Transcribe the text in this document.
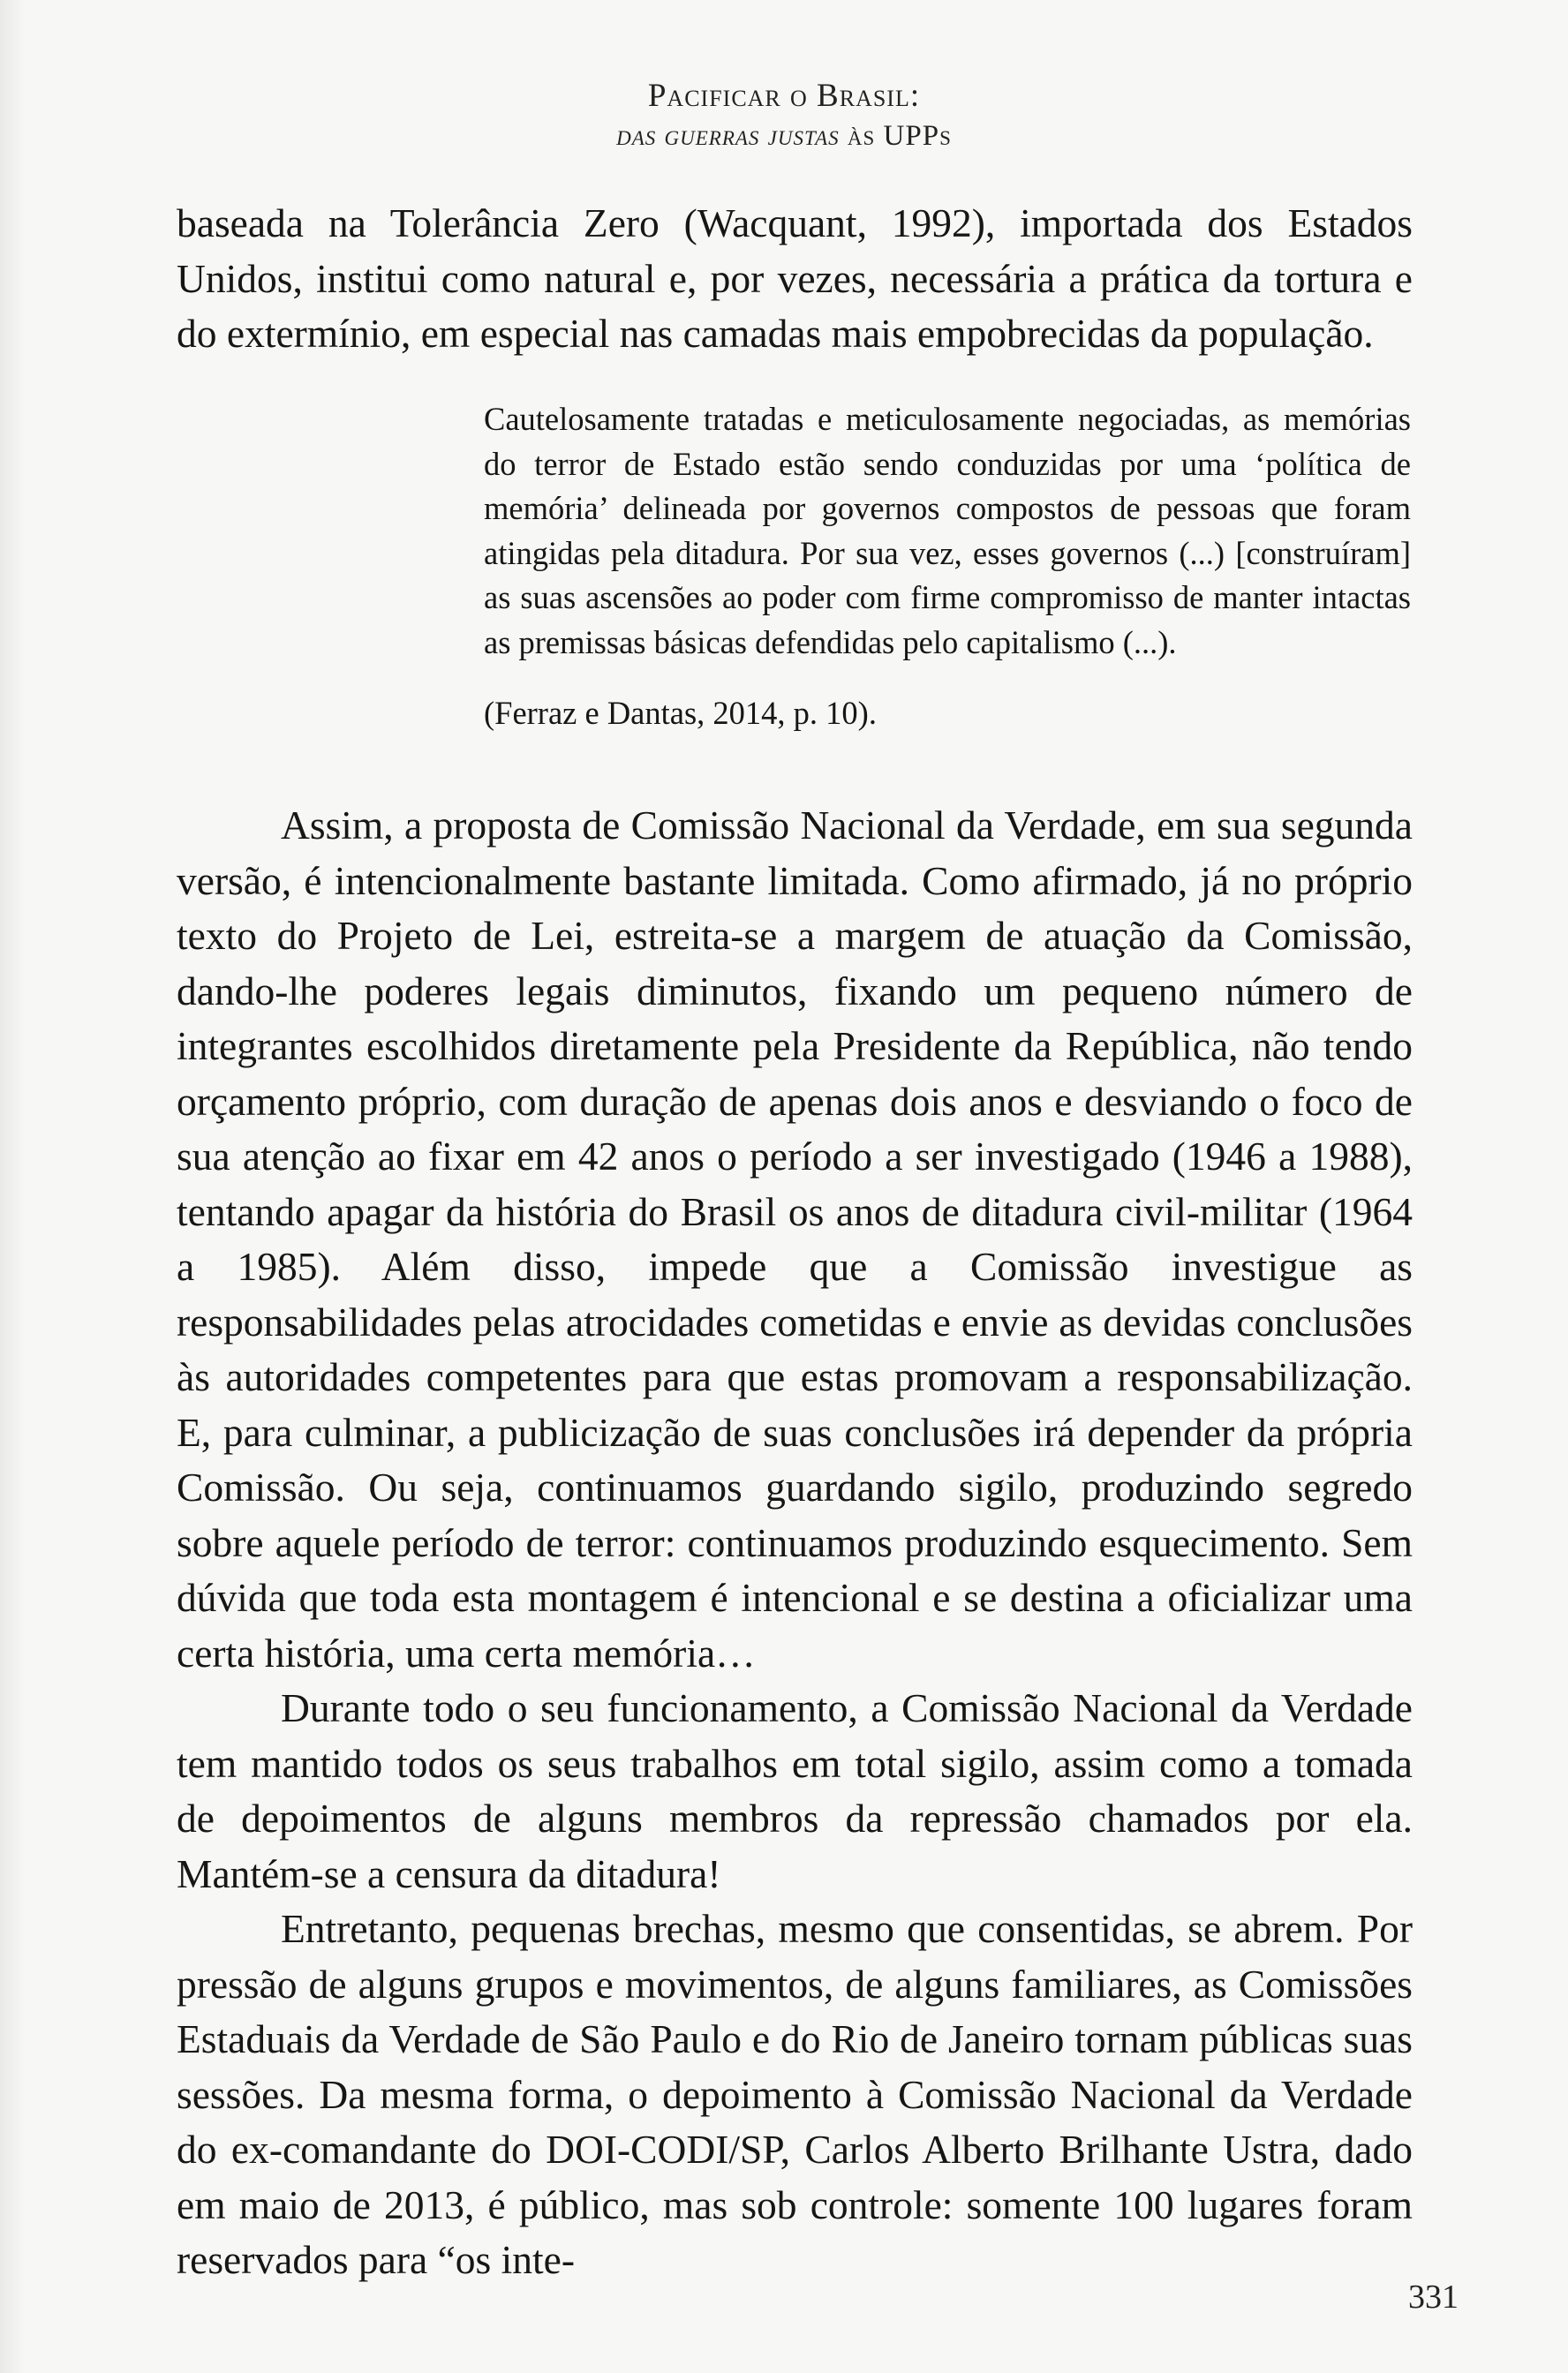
Pacificar o Brasil:
das guerras justas às UPPs

baseada na Tolerância Zero (Wacquant, 1992), importada dos Estados Unidos, institui como natural e, por vezes, necessária a prática da tortura e do extermínio, em especial nas camadas mais empobrecidas da população.

Cautelosamente tratadas e meticulosamente negociadas, as memórias do terror de Estado estão sendo conduzidas por uma ‘política de memória’ delineada por governos compostos de pessoas que foram atingidas pela ditadura. Por sua vez, esses governos (...) [construíram] as suas ascensões ao poder com firme compromisso de manter intactas as premissas básicas defendidas pelo capitalismo (...).

(Ferraz e Dantas, 2014, p. 10).

Assim, a proposta de Comissão Nacional da Verdade, em sua segunda versão, é intencionalmente bastante limitada. Como afirmado, já no próprio texto do Projeto de Lei, estreita-se a margem de atuação da Comissão, dando-lhe poderes legais diminutos, fixando um pequeno número de integrantes escolhidos diretamente pela Presidente da República, não tendo orçamento próprio, com duração de apenas dois anos e desviando o foco de sua atenção ao fixar em 42 anos o período a ser investigado (1946 a 1988), tentando apagar da história do Brasil os anos de ditadura civil-militar (1964 a 1985). Além disso, impede que a Comissão investigue as responsabilidades pelas atrocidades cometidas e envie as devidas conclusões às autoridades competentes para que estas promovam a responsabilização. E, para culminar, a publicização de suas conclusões irá depender da própria Comissão. Ou seja, continuamos guardando sigilo, produzindo segredo sobre aquele período de terror: continuamos produzindo esquecimento. Sem dúvida que toda esta montagem é intencional e se destina a oficializar uma certa história, uma certa memória…

Durante todo o seu funcionamento, a Comissão Nacional da Verdade tem mantido todos os seus trabalhos em total sigilo, assim como a tomada de depoimentos de alguns membros da repressão chamados por ela. Mantém-se a censura da ditadura!

Entretanto, pequenas brechas, mesmo que consentidas, se abrem. Por pressão de alguns grupos e movimentos, de alguns familiares, as Comissões Estaduais da Verdade de São Paulo e do Rio de Janeiro tornam públicas suas sessões. Da mesma forma, o depoimento à Comissão Nacional da Verdade do ex-comandante do DOI-CODI/SP, Carlos Alberto Brilhante Ustra, dado em maio de 2013, é público, mas sob controle: somente 100 lugares foram reservados para “os inte-

331
